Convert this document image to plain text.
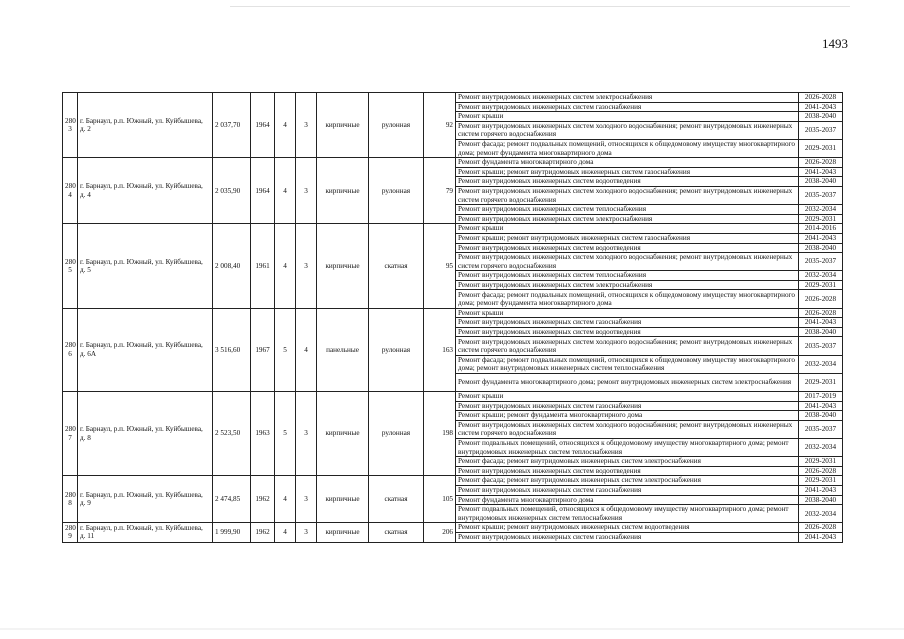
1493
280
3	г. Барнаул, р.п. Южный, ул. Куйбышева, д. 2	2 037,70	1964	4	3	кирпичные	рулонная	92	Ремонт внутридомовых инженерных систем электроснабжения	2026-2028
									Ремонт внутридомовых инженерных систем газоснабжения	2041-2043
									Ремонт крыши	2038-2040
									Ремонт внутридомовых инженерных систем холодного водоснабжения; ремонт внутридомовых инженерных систем горячего водоснабжения	2035-2037
									Ремонт фасада; ремонт подвальных помещений, относящихся к общедомовому имуществу многоквартирного дома; ремонт фундамента многоквартирного дома	2029-2031
280
4	г. Барнаул, р.п. Южный, ул. Куйбышева, д. 4	2 035,90	1964	4	3	кирпичные	рулонная	79	Ремонт фундамента многоквартирного дома	2026-2028
									Ремонт крыши; ремонт внутридомовых инженерных систем газоснабжения	2041-2043
									Ремонт внутридомовых инженерных систем водоотведения	2038-2040
									Ремонт внутридомовых инженерных систем холодного водоснабжения; ремонт внутридомовых инженерных систем горячего водоснабжения	2035-2037
									Ремонт внутридомовых инженерных систем теплоснабжения	2032-2034
									Ремонт внутридомовых инженерных систем электроснабжения	2029-2031
280
5	г. Барнаул, р.п. Южный, ул. Куйбышева, д. 5	2 008,40	1961	4	3	кирпичные	скатная	95	Ремонт крыши	2014-2016
									Ремонт крыши; ремонт внутридомовых инженерных систем газоснабжения	2041-2043
									Ремонт внутридомовых инженерных систем водоотведения	2038-2040
									Ремонт внутридомовых инженерных систем холодного водоснабжения; ремонт внутридомовых инженерных систем горячего водоснабжения	2035-2037
									Ремонт внутридомовых инженерных систем теплоснабжения	2032-2034
									Ремонт внутридомовых инженерных систем электроснабжения	2029-2031
									Ремонт фасада; ремонт подвальных помещений, относящихся к общедомовому имуществу многоквартирного дома; ремонт фундамента многоквартирного дома	2026-2028
280
6	г. Барнаул, р.п. Южный, ул. Куйбышева, д. 6А	3 516,60	1967	5	4	панельные	рулонная	163	Ремонт крыши	2026-2028
									Ремонт внутридомовых инженерных систем газоснабжения	2041-2043
									Ремонт внутридомовых инженерных систем водоотведения	2038-2040
									Ремонт внутридомовых инженерных систем холодного водоснабжения; ремонт внутридомовых инженерных систем горячего водоснабжения	2035-2037
									Ремонт фасада; ремонт подвальных помещений, относящихся к общедомовому имуществу многоквартирного дома; ремонт внутридомовых инженерных систем теплоснабжения	2032-2034
									Ремонт фундамента многоквартирного дома; ремонт внутридомовых инженерных систем электроснабжения	2029-2031
280
7	г. Барнаул, р.п. Южный, ул. Куйбышева, д. 8	2 523,50	1963	5	3	кирпичные	рулонная	198	Ремонт крыши	2017-2019
									Ремонт внутридомовых инженерных систем газоснабжения	2041-2043
									Ремонт крыши; ремонт фундамента многоквартирного дома	2038-2040
									Ремонт внутридомовых инженерных систем холодного водоснабжения; ремонт внутридомовых инженерных систем горячего водоснабжения	2035-2037
									Ремонт подвальных помещений, относящихся к общедомовому имуществу многоквартирного дома; ремонт внутридомовых инженерных систем теплоснабжения	2032-2034
									Ремонт фасада; ремонт внутридомовых инженерных систем электроснабжения	2029-2031
									Ремонт внутридомовых инженерных систем водоотведения	2026-2028
280
8	г. Барнаул, р.п. Южный, ул. Куйбышева, д. 9	2 474,85	1962	4	3	кирпичные	скатная	105	Ремонт фасада; ремонт внутридомовых инженерных систем электроснабжения	2029-2031
									Ремонт внутридомовых инженерных систем газоснабжения	2041-2043
									Ремонт фундамента многоквартирного дома	2038-2040
									Ремонт подвальных помещений, относящихся к общедомовому имуществу многоквартирного дома; ремонт внутридомовых инженерных систем теплоснабжения	2032-2034
280
9	г. Барнаул, р.п. Южный, ул. Куйбышева, д. 11	1 999,90	1962	4	3	кирпичные	скатная	206	Ремонт крыши; ремонт внутридомовых инженерных систем водоотведения	2026-2028
									Ремонт внутридомовых инженерных систем газоснабжения	2041-2043
